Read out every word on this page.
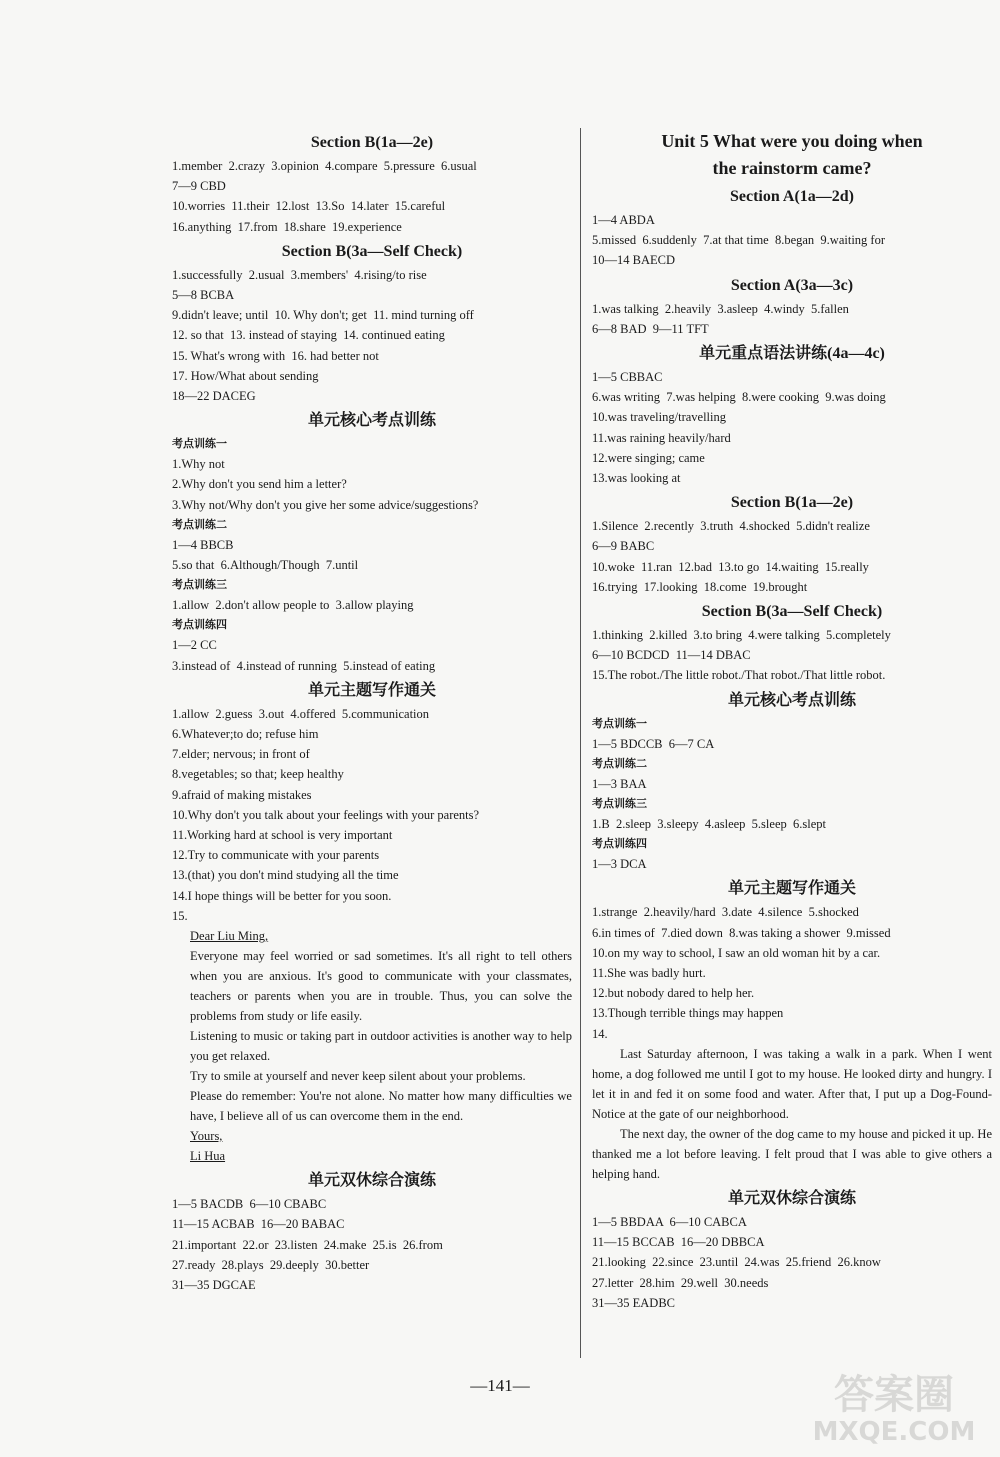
Section B(1a—2e)
1.member  2.crazy  3.opinion  4.compare  5.pressure  6.usual
7—9 CBD
10.worries  11.their  12.lost  13.So  14.later  15.careful
16.anything  17.from  18.share  19.experience
Section B(3a—Self Check)
1.successfully  2.usual  3.members'  4.rising/to rise
5—8 BCBA
9.didn't leave; until  10. Why don't; get  11. mind turning off
12. so that  13. instead of staying  14. continued eating
15. What's wrong with  16. had better not
17. How/What about sending
18—22 DACEG
单元核心考点训练
考点训练一
1.Why not
2.Why don't you send him a letter?
3.Why not/Why don't you give her some advice/suggestions?
考点训练二
1—4 BBCB
5.so that  6.Although/Though  7.until
考点训练三
1.allow  2.don't allow people to  3.allow playing
考点训练四
1—2 CC
3.instead of  4.instead of running  5.instead of eating
单元主题写作通关
1.allow  2.guess  3.out  4.offered  5.communication
6.Whatever;to do; refuse him
7.elder; nervous; in front of
8.vegetables; so that; keep healthy
9.afraid of making mistakes
10.Why don't you talk about your feelings with your parents?
11.Working hard at school is very important
12.Try to communicate with your parents
13.(that) you don't mind studying all the time
14.I hope things will be better for you soon.
15.
Dear Liu Ming,
Everyone may feel worried or sad sometimes. It's all right to tell others when you are anxious. It's good to communicate with your classmates, teachers or parents when you are in trouble. Thus, you can solve the problems from study or life easily.
Listening to music or taking part in outdoor activities is another way to help you get relaxed.
Try to smile at yourself and never keep silent about your problems.
Please do remember: You're not alone. No matter how many difficulties we have, I believe all of us can overcome them in the end.
Yours,
Li Hua
单元双休综合演练
1—5 BACDB  6—10 CBABC
11—15 ACBAB  16—20 BABAC
21.important  22.or  23.listen  24.make  25.is  26.from
27.ready  28.plays  29.deeply  30.better
31—35 DGCAE
Unit 5 What were you doing when
the rainstorm came?
Section A(1a—2d)
1—4 ABDA
5.missed  6.suddenly  7.at that time  8.began  9.waiting for
10—14 BAECD
Section A(3a—3c)
1.was talking  2.heavily  3.asleep  4.windy  5.fallen
6—8 BAD  9—11 TFT
单元重点语法讲练(4a—4c)
1—5 CBBAC
6.was writing  7.was helping  8.were cooking  9.was doing
10.was traveling/travelling
11.was raining heavily/hard
12.were singing; came
13.was looking at
Section B(1a—2e)
1.Silence  2.recently  3.truth  4.shocked  5.didn't realize
6—9 BABC
10.woke  11.ran  12.bad  13.to go  14.waiting  15.really
16.trying  17.looking  18.come  19.brought
Section B(3a—Self Check)
1.thinking  2.killed  3.to bring  4.were talking  5.completely
6—10 BCDCD  11—14 DBAC
15.The robot./The little robot./That robot./That little robot.
单元核心考点训练
考点训练一
1—5 BDCCB  6—7 CA
考点训练二
1—3 BAA
考点训练三
1.B  2.sleep  3.sleepy  4.asleep  5.sleep  6.slept
考点训练四
1—3 DCA
单元主题写作通关
1.strange  2.heavily/hard  3.date  4.silence  5.shocked
6.in times of  7.died down  8.was taking a shower  9.missed
10.on my way to school, I saw an old woman hit by a car.
11.She was badly hurt.
12.but nobody dared to help her.
13.Though terrible things may happen
14.
Last Saturday afternoon, I was taking a walk in a park. When I went home, a dog followed me until I got to my house. He looked dirty and hungry. I let it in and fed it on some food and water. After that, I put up a Dog-Found-Notice at the gate of our neighborhood.
The next day, the owner of the dog came to my house and picked it up. He thanked me a lot before leaving. I felt proud that I was able to give others a helping hand.
单元双休综合演练
1—5 BBDAA  6—10 CABCA
11—15 BCCAB  16—20 DBBCA
21.looking  22.since  23.until  24.was  25.friend  26.know
27.letter  28.him  29.well  30.needs
31—35 EADBC
—141—	答案圈
MXQE.COM
